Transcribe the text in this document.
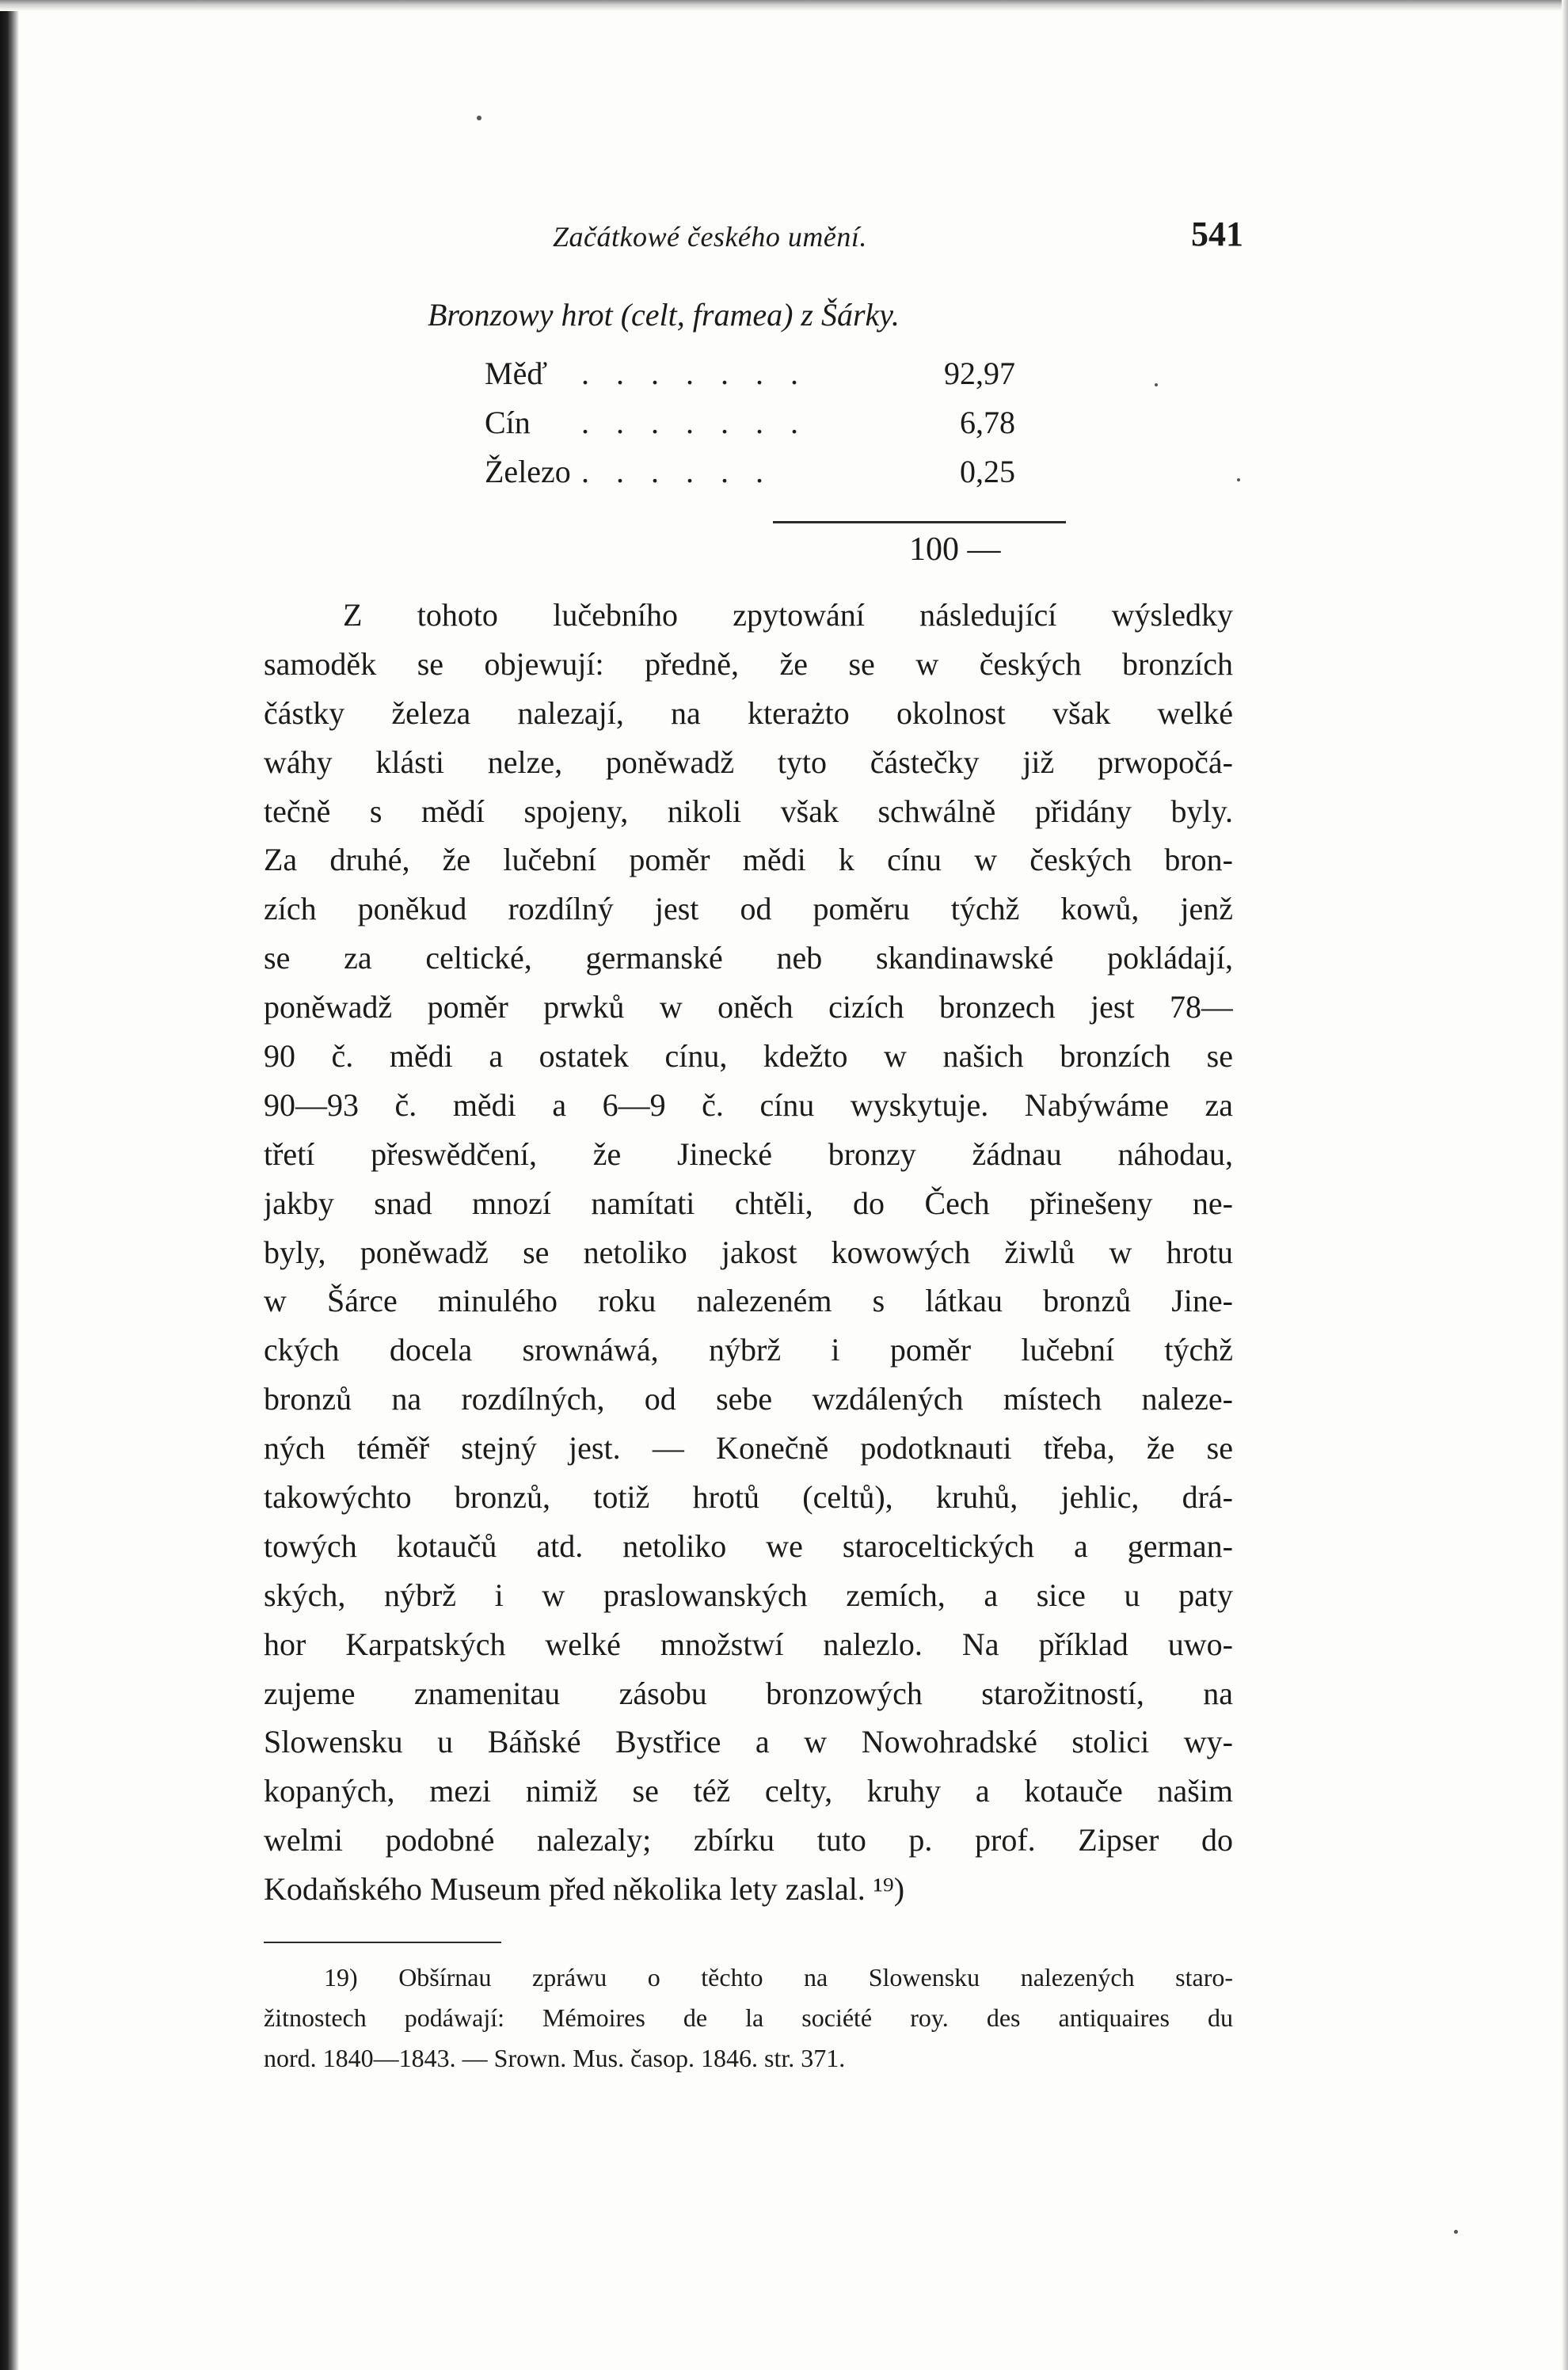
Začátkowé českého umění.	541
Bronzowy hrot (celt, framea) z Šárky.
Měď . . . . . . .	92,97
Cín . . . . . . .	6,78
Železo . . . . . .	0,25
100 —
Z tohoto lučebního zpytowání následující wýsledky
samoděk se objewují: předně, že se w českých bronzích
částky železa nalezají, na kterażto okolnost však welké
wáhy klásti nelze, poněwadž tyto částečky již prwopočá-
tečně s mědí spojeny, nikoli však schwálně přidány byly.
Za druhé, že lučební poměr mědi k cínu w českých bron-
zích poněkud rozdílný jest od poměru týchž kowů, jenž
se za celtické, germanské neb skandinawské pokládají,
poněwadž poměr prwků w oněch cizích bronzech jest 78—
90 č. mědi a ostatek cínu, kdežto w našich bronzích se
90—93 č. mědi a 6—9 č. cínu wyskytuje. Nabýwáme za
třetí přeswědčení, že Jinecké bronzy žádnau náhodau,
jakby snad mnozí namítati chtěli, do Čech přinešeny ne-
byly, poněwadž se netoliko jakost kowowých žiwlů w hrotu
w Šárce minulého roku nalezeném s látkau bronzů Jine-
ckých docela srownáwá, nýbrž i poměr lučební týchž
bronzů na rozdílných, od sebe wzdálených místech naleze-
ných téměř stejný jest. — Konečně podotknauti třeba, že se
takowýchto bronzů, totiž hrotů (celtů), kruhů, jehlic, drá-
towých kotaučů atd. netoliko we staroceltických a german-
ských, nýbrž i w praslowanských zemích, a sice u paty
hor Karpatských welké množstwí nalezlo. Na příklad uwo-
zujeme znamenitau zásobu bronzowých starožitností, na
Slowensku u Báňské Bystřice a w Nowohradské stolici wy-
kopaných, mezi nimiž se též celty, kruhy a kotauče našim
welmi podobné nalezaly; zbírku tuto p. prof. Zipser do
Kodaňského Museum před několika lety zaslal. ¹⁹)
19) Obšírnau zpráwu o těchto na Slowensku nalezených staro-
žitnostech podáwají: Mémoires de la société roy. des antiquaires du
nord. 1840—1843. — Srown. Mus. časop. 1846. str. 371.
